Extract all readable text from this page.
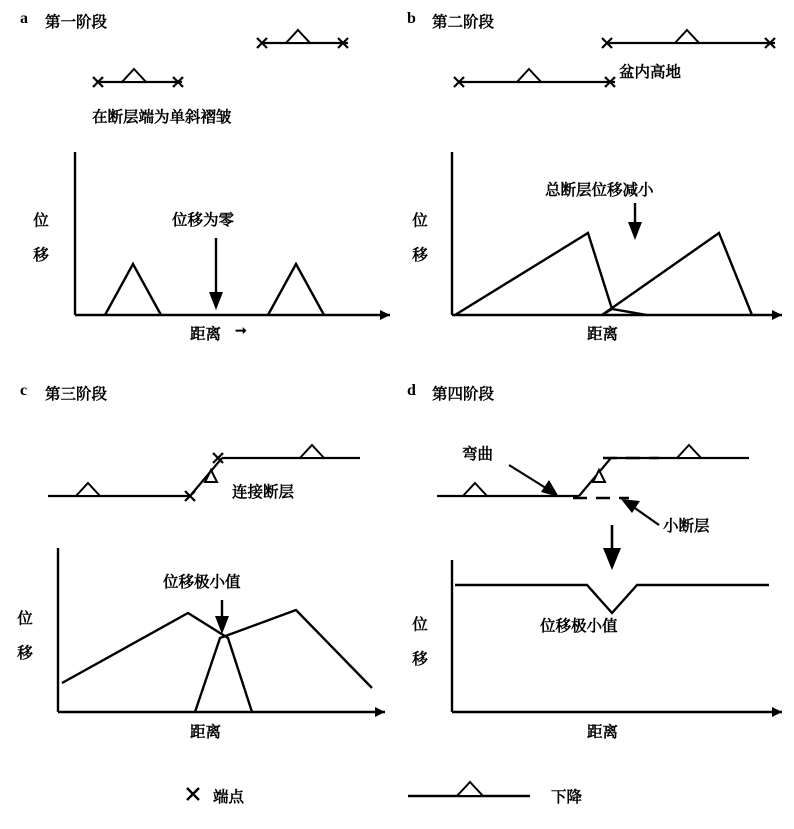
a 第一阶段
在断层端为单斜褶皱
位移为零
位 移
距离 ➞
b 第二阶段
盆内高地
总断层位移减小
位 移
距离
c 第三阶段
连接断层
位移极小值
位 移
距离
d 第四阶段
弯曲
小断层
位移极小值
位 移
距离
端点	下降
